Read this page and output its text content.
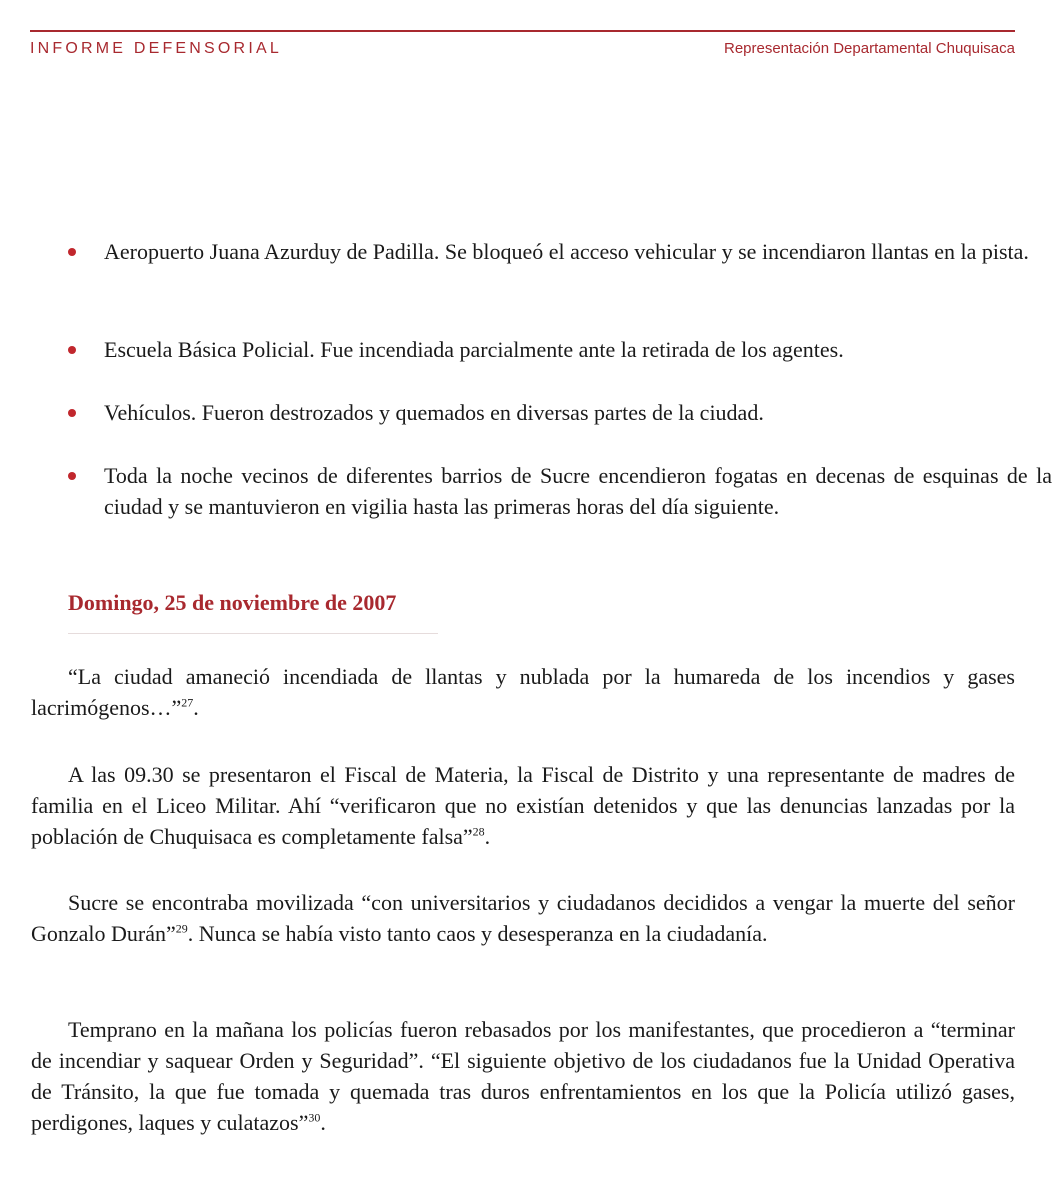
INFORME DEFENSORIAL	Representación Departamental Chuquisaca
Aeropuerto Juana Azurduy de Padilla. Se bloqueó el acceso vehicular y se incendiaron llantas en la pista.
Escuela Básica Policial. Fue incendiada parcialmente ante la retirada de los agentes.
Vehículos. Fueron destrozados y quemados en diversas partes de la ciudad.
Toda la noche vecinos de diferentes barrios de Sucre encendieron fogatas en decenas de esquinas de la ciudad y se mantuvieron en vigilia hasta las primeras horas del día siguiente.
Domingo, 25 de noviembre de 2007

“La ciudad amaneció incendiada de llantas y nublada por la humareda de los incendios y gases lacrimógenos…”$^{27}$.

A las 09.30 se presentaron el Fiscal de Materia, la Fiscal de Distrito y una representante de madres de familia en el Liceo Militar. Ahí “verificaron que no existían detenidos y que las denuncias lanzadas por la población de Chuquisaca es completamente falsa”$^{28}$.

Sucre se encontraba movilizada “con universitarios y ciudadanos decididos a vengar la muerte del señor Gonzalo Durán”$^{29}$. Nunca se había visto tanto caos y desesperanza en la ciudadanía.

Temprano en la mañana los policías fueron rebasados por los manifestantes, que procedieron a “terminar de incendiar y saquear Orden y Seguridad”. “El siguiente objetivo de los ciudadanos fue la Unidad Operativa de Tránsito, la que fue tomada y quemada tras duros enfrentamientos en los que la Policía utilizó gases, perdigones, laques y culatazos”$^{30}$.
